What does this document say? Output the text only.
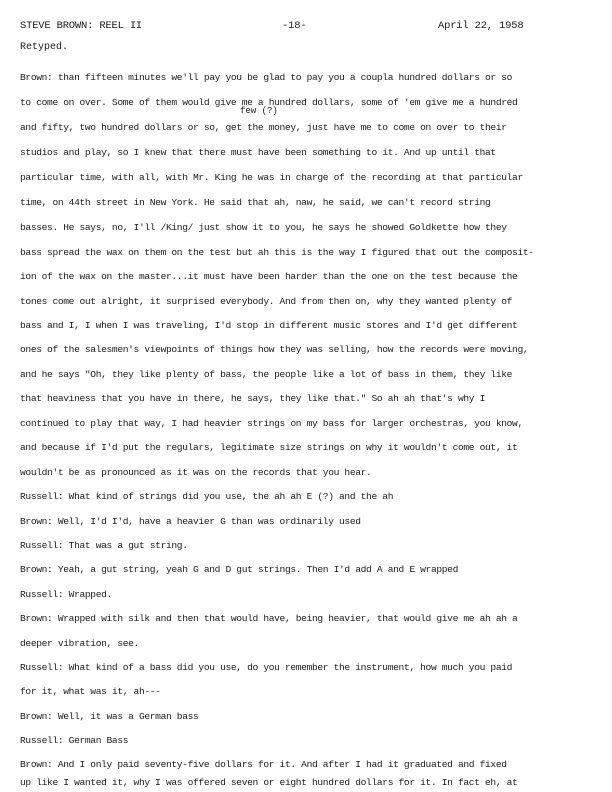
STEVE BROWN: REEL II	-18-	April 22, 1958
Retyped.
few (?)
Brown: than fifteen minutes we'll pay you be glad to pay you a coupla hundred dollars or so
to come on over. Some of them would give me a hundred dollars, some of 'em give me a hundred
and fifty, two hundred dollars or so, get the money, just have me to come on over to their
studios and play, so I knew that there must have been something to it. And up until that
particular time, with all, with Mr. King he was in charge of the recording at that particular
time, on 44th street in New York. He said that ah, naw, he said, we can't record string
basses. He says, no, I'll /King/ just show it to you, he says he showed Goldkette how they
bass spread the wax on them on the test but ah this is the way I figured that out the composit-
ion of the wax on the master...it must have been harder than the one on the test because the
tones come out alright, it surprised everybody. And from then on, why they wanted plenty of
bass and I, I when I was traveling, I'd stop in different music stores and I'd get different
ones of the salesmen's viewpoints of things how they was selling, how the records were moving,
and he says "Oh, they like plenty of bass, the people like a lot of bass in them, they like
that heaviness that you have in there, he says, they like that." So ah ah that's why I
continued to play that way, I had heavier strings on my bass for larger orchestras, you know,
and because if I'd put the regulars, legitimate size strings on why it wouldn't come out, it
wouldn't be as pronounced as it was on the records that you hear.
Russell: What kind of strings did you use, the ah ah E (?) and the ah
Brown: Well, I'd I'd, have a heavier G than was ordinarily used
Russell: That was a gut string.
Brown: Yeah, a gut string, yeah G and D gut strings. Then I'd add A and E wrapped
Russell: Wrapped.
Brown: Wrapped with silk and then that would have, being heavier, that would give me ah ah a
deeper vibration, see.
Russell: What kind of a bass did you use, do you remember the instrument, how much you paid
for it, what was it, ah---
Brown: Well, it was a German bass
Russell: German Bass
Brown: And I only paid seventy-five dollars for it. And after I had it graduated and fixed
up like I wanted it, why I was offered seven or eight hundred dollars for it. In fact eh, at
